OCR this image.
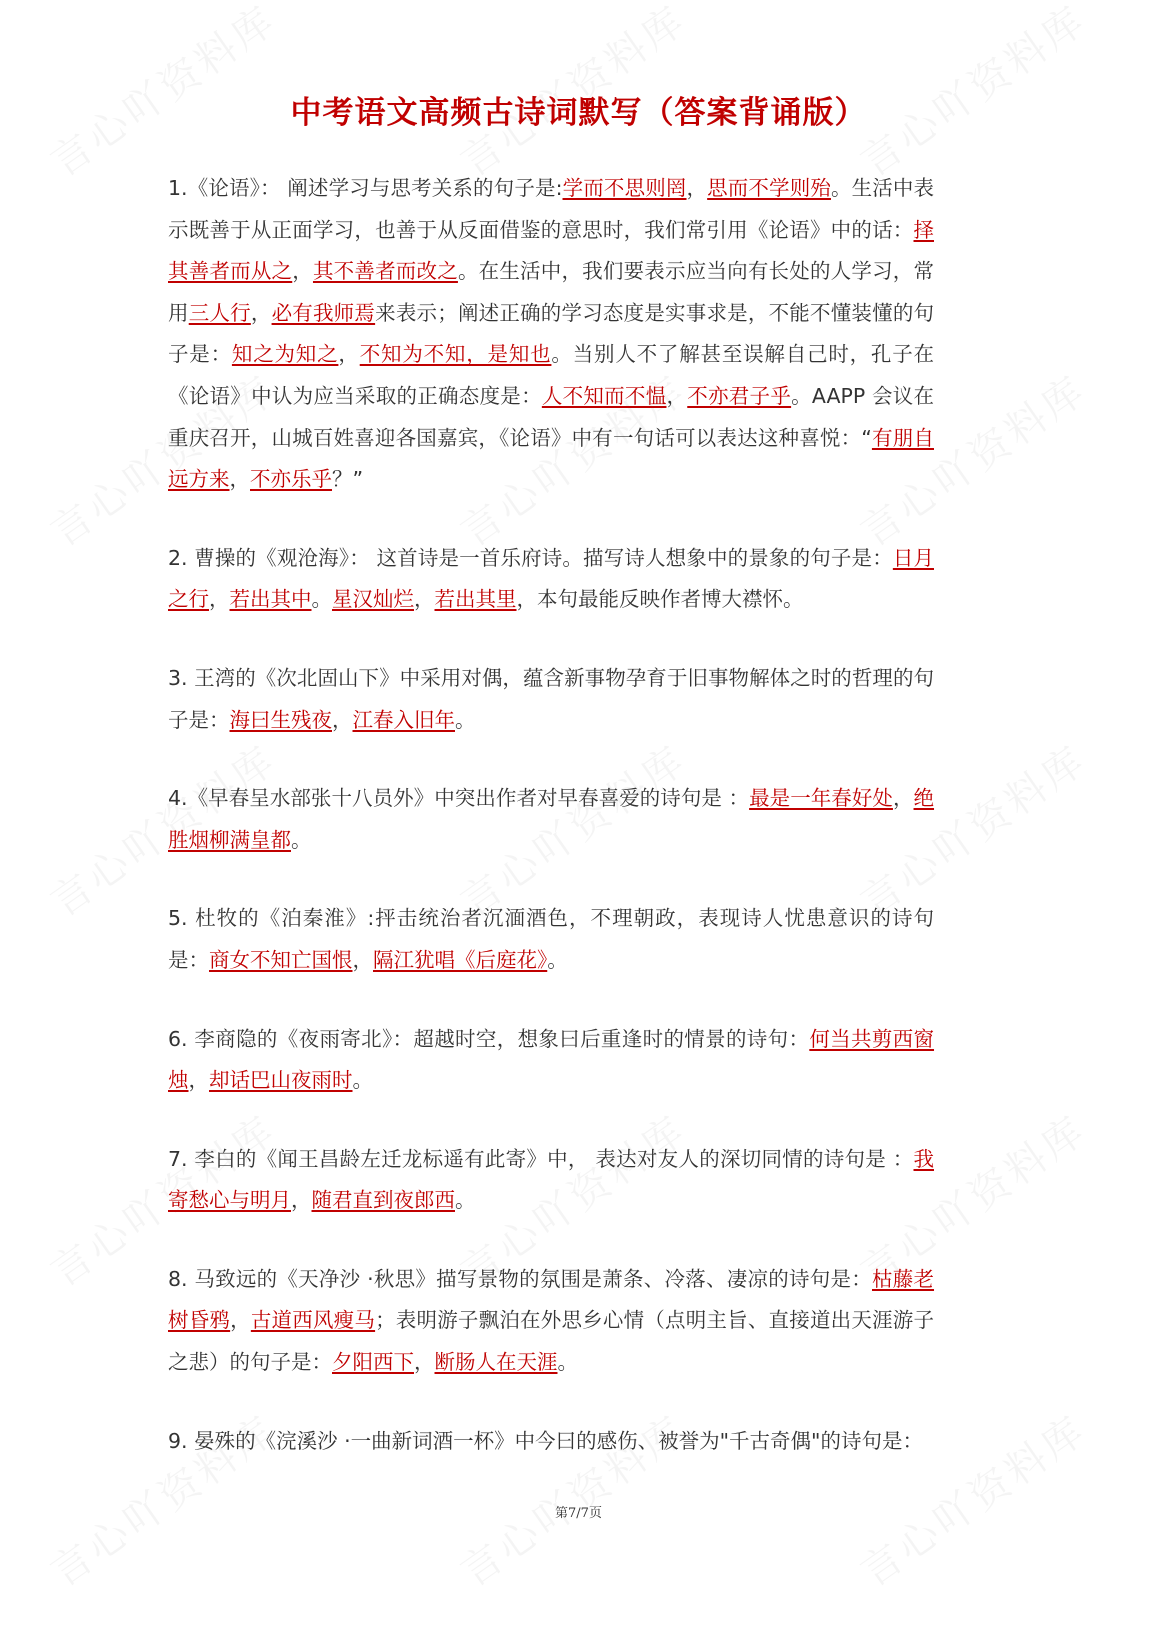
中考语文高频古诗词默写（答案背诵版）

1.《论语》： 阐述学习与思考关系的句子是:学而不思则罔，思而不学则殆。生活中表示既善于从正面学习，也善于从反面借鉴的意思时，我们常引用《论语》中的话：择其善者而从之，其不善者而改之。在生活中，我们要表示应当向有长处的人学习，常用三人行，必有我师焉来表示；阐述正确的学习态度是实事求是，不能不懂装懂的句子是：知之为知之，不知为不知，是知也。当别人不了解甚至误解自己时，孔子在《论语》中认为应当采取的正确态度是：人不知而不愠，不亦君子乎。AAPP 会议在重庆召开，山城百姓喜迎各国嘉宾，《论语》中有一句话可以表达这种喜悦：“有朋自远方来，不亦乐乎？”

2. 曹操的《观沧海》： 这首诗是一首乐府诗。描写诗人想象中的景象的句子是：日月之行，若出其中。星汉灿烂，若出其里，本句最能反映作者博大襟怀。

3. 王湾的《次北固山下》中采用对偶，蕴含新事物孕育于旧事物解体之时的哲理的句子是：海曰生残夜，江春入旧年。

4.《早春呈水部张十八员外》中突出作者对早春喜爱的诗句是 ：最是一年春好处，绝胜烟柳满皇都。

5. 杜牧的《泊秦淮》:抨击统治者沉湎酒色，不理朝政，表现诗人忧患意识的诗句是：商女不知亡国恨，隔江犹唱《后庭花》。

6. 李商隐的《夜雨寄北》：超越时空，想象曰后重逢时的情景的诗句：何当共剪西窗烛，却话巴山夜雨时。

7. 李白的《闻王昌龄左迁龙标遥有此寄》中， 表达对友人的深切同情的诗句是 ：我寄愁心与明月，随君直到夜郎西。

8. 马致远的《天净沙 ·秋思》描写景物的氛围是萧条、冷落、凄凉的诗句是：枯藤老树昏鸦，古道西风瘦马；表明游子飘泊在外思乡心情（点明主旨、直接道出天涯游子之悲）的句子是：夕阳西下，断肠人在天涯。

9. 晏殊的《浣溪沙 ·一曲新词酒一杯》中今曰的感伤、被誉为"千古奇偶"的诗句是：

第7/7页
